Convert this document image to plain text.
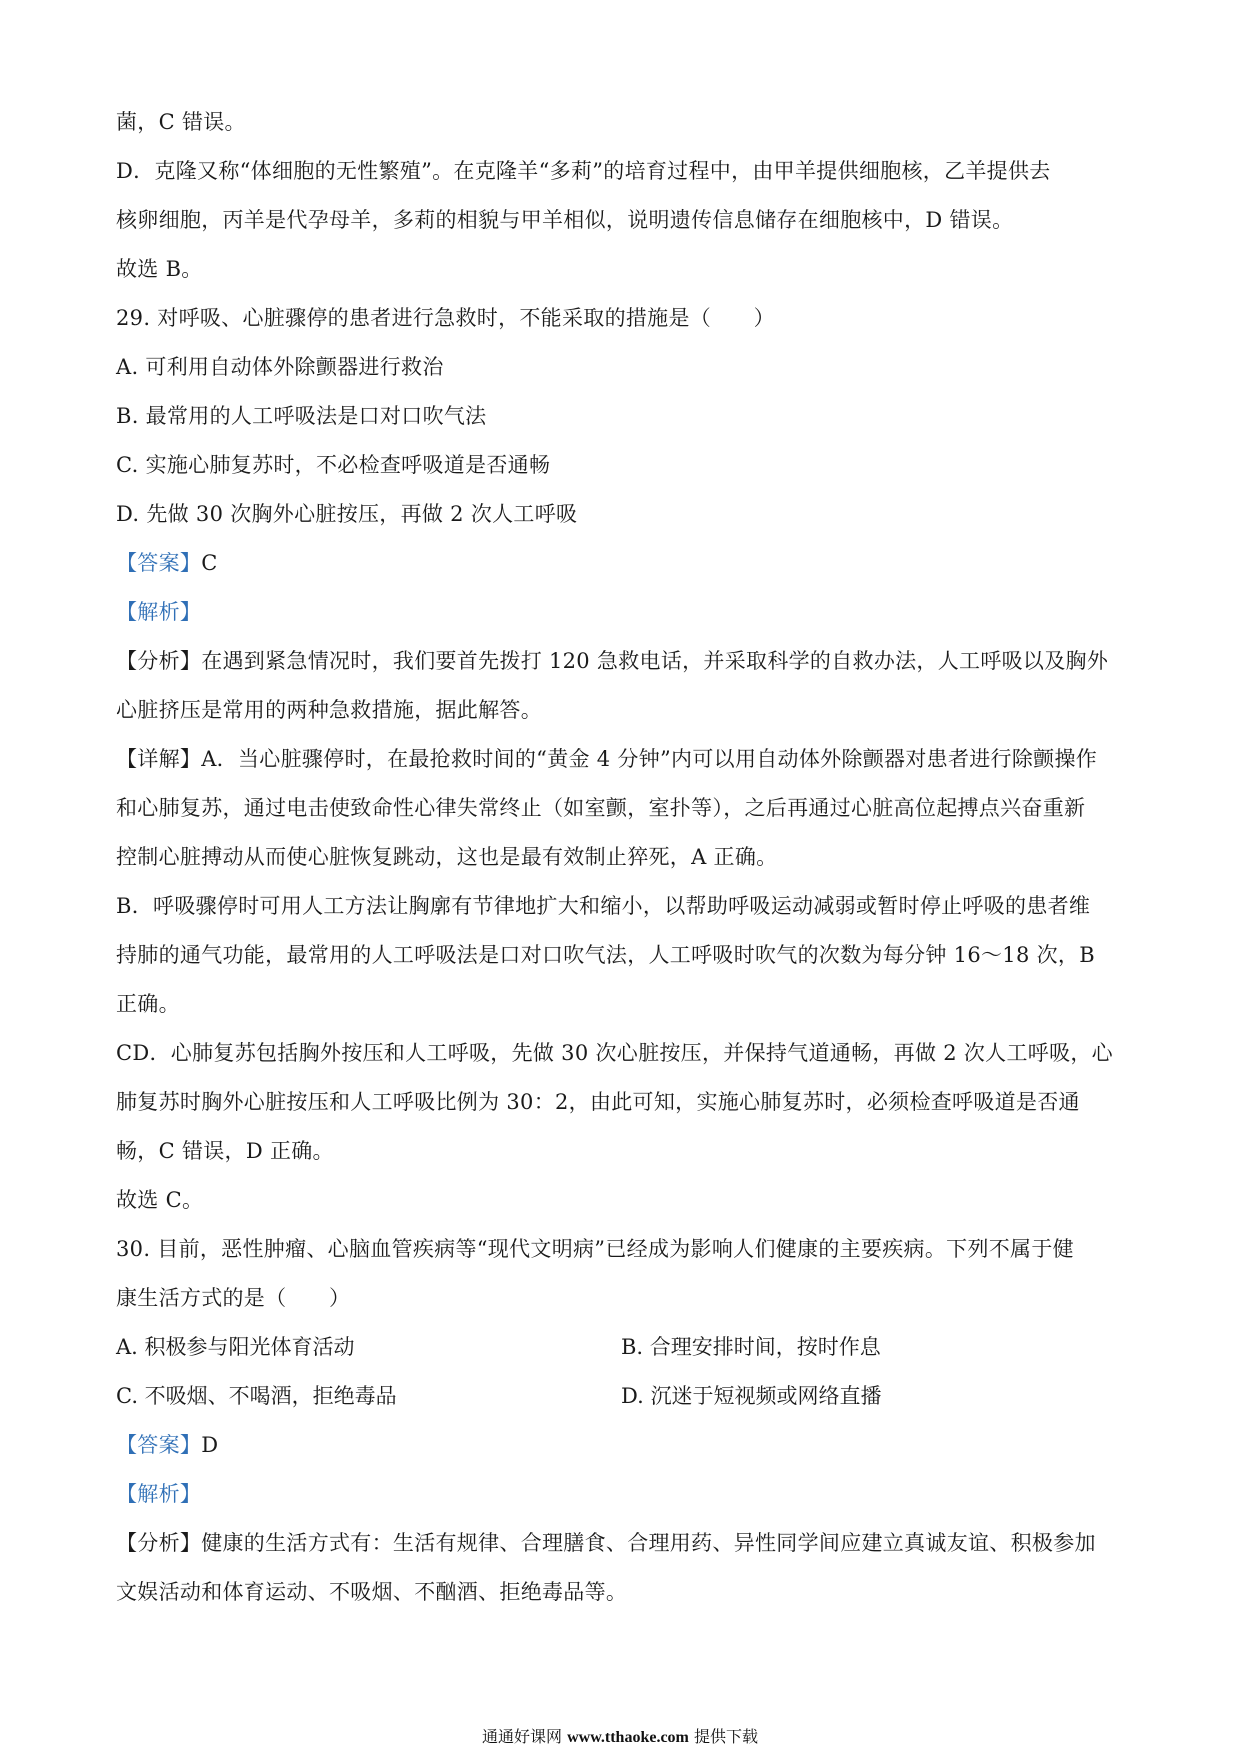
菌，C 错误。
D．克隆又称“体细胞的无性繁殖”。在克隆羊“多莉”的培育过程中，由甲羊提供细胞核，乙羊提供去
核卵细胞，丙羊是代孕母羊，多莉的相貌与甲羊相似，说明遗传信息储存在细胞核中，D 错误。
故选 B。
29. 对呼吸、心脏骤停的患者进行急救时，不能采取的措施是（　　）
A. 可利用自动体外除颤器进行救治
B. 最常用的人工呼吸法是口对口吹气法
C. 实施心肺复苏时，不必检查呼吸道是否通畅
D. 先做 30 次胸外心脏按压，再做 2 次人工呼吸
【答案】C
【解析】
【分析】在遇到紧急情况时，我们要首先拨打 120 急救电话，并采取科学的自救办法，人工呼吸以及胸外
心脏挤压是常用的两种急救措施，据此解答。
【详解】A．当心脏骤停时，在最抢救时间的“黄金 4 分钟”内可以用自动体外除颤器对患者进行除颤操作
和心肺复苏，通过电击使致命性心律失常终止（如室颤，室扑等），之后再通过心脏高位起搏点兴奋重新
控制心脏搏动从而使心脏恢复跳动，这也是最有效制止猝死，A 正确。
B．呼吸骤停时可用人工方法让胸廓有节律地扩大和缩小，以帮助呼吸运动减弱或暂时停止呼吸的患者维
持肺的通气功能，最常用的人工呼吸法是口对口吹气法，人工呼吸时吹气的次数为每分钟 16～18 次，B
正确。
CD．心肺复苏包括胸外按压和人工呼吸，先做 30 次心脏按压，并保持气道通畅，再做 2 次人工呼吸，心
肺复苏时胸外心脏按压和人工呼吸比例为 30：2，由此可知，实施心肺复苏时，必须检查呼吸道是否通
畅，C 错误，D 正确。
故选 C。
30. 目前，恶性肿瘤、心脑血管疾病等“现代文明病”已经成为影响人们健康的主要疾病。下列不属于健
康生活方式的是（　　）
A. 积极参与阳光体育活动	B. 合理安排时间，按时作息
C. 不吸烟、不喝酒，拒绝毒品	D. 沉迷于短视频或网络直播
【答案】D
【解析】
【分析】健康的生活方式有：生活有规律、合理膳食、合理用药、异性同学间应建立真诚友谊、积极参加
文娱活动和体育运动、不吸烟、不酗酒、拒绝毒品等。
通通好课网 www.tthaoke.com 提供下载
